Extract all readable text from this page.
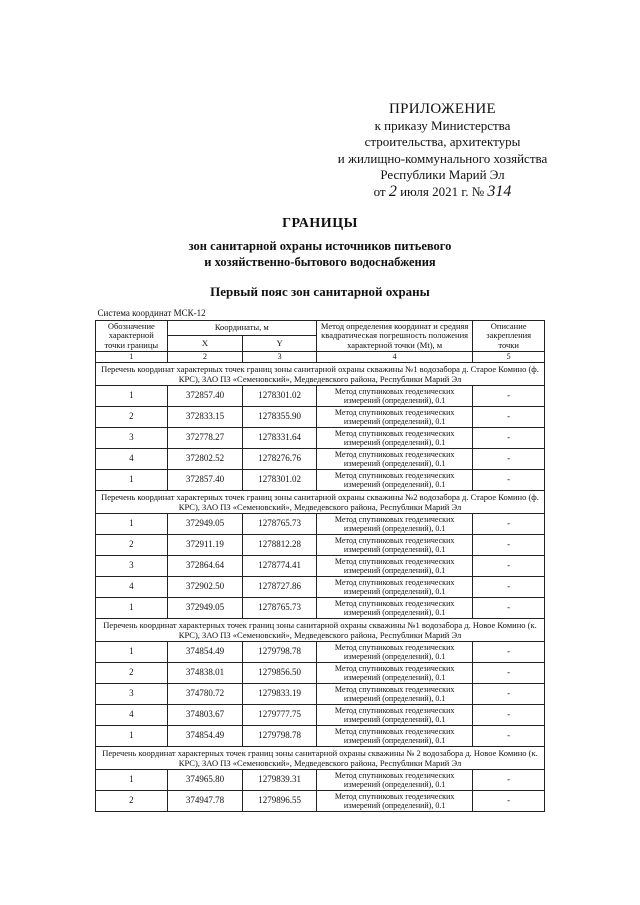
ПРИЛОЖЕНИЕ
к приказу Министерства
строительства, архитектуры
и жилищно-коммунального хозяйства
Республики Марий Эл
от 2 июля 2021 г. № 314
ГРАНИЦЫ
зон санитарной охраны источников питьевого
и хозяйственно-бытового водоснабжения
Первый пояс зон санитарной охраны
Система координат МСК-12				
Обозначение характерной точки границы	Координаты, м		Метод определения координат и средняя квадратическая погрешность положения характерной точки (Mt), м	Описание закрепления точки
	X	Y		
1	2	3	4	5
Перечень координат характерных точек границ зоны санитарной охраны скважины №1 водозабора д. Старое Комино (ф. КРС), ЗАО ПЗ «Семеновский», Медведевского района, Республики Марий Эл				
1	372857.40	1278301.02	Метод спутниковых геодезических измерений (определений), 0.1	-
2	372833.15	1278355.90	Метод спутниковых геодезических измерений (определений), 0.1	-
3	372778.27	1278331.64	Метод спутниковых геодезических измерений (определений), 0.1	-
4	372802.52	1278276.76	Метод спутниковых геодезических измерений (определений), 0.1	-
1	372857.40	1278301.02	Метод спутниковых геодезических измерений (определений), 0.1	-
Перечень координат характерных точек границ зоны санитарной охраны скважины №2 водозабора д. Старое Комино (ф. КРС), ЗАО ПЗ «Семеновский», Медведевского района, Республики Марий Эл				
1	372949.05	1278765.73	Метод спутниковых геодезических измерений (определений), 0.1	-
2	372911.19	1278812.28	Метод спутниковых геодезических измерений (определений), 0.1	-
3	372864.64	1278774.41	Метод спутниковых геодезических измерений (определений), 0.1	-
4	372902.50	1278727.86	Метод спутниковых геодезических измерений (определений), 0.1	-
1	372949.05	1278765.73	Метод спутниковых геодезических измерений (определений), 0.1	-
Перечень координат характерных точек границ зоны санитарной охраны скважины №1 водозабора д. Новое Комино (к. КРС), ЗАО ПЗ «Семеновский», Медведевского района, Республики Марий Эл				
1	374854.49	1279798.78	Метод спутниковых геодезических измерений (определений), 0.1	-
2	374838.01	1279856.50	Метод спутниковых геодезических измерений (определений), 0.1	-
3	374780.72	1279833.19	Метод спутниковых геодезических измерений (определений), 0.1	-
4	374803.67	1279777.75	Метод спутниковых геодезических измерений (определений), 0.1	-
1	374854.49	1279798.78	Метод спутниковых геодезических измерений (определений), 0.1	-
Перечень координат характерных точек границ зоны санитарной охраны скважины № 2 водозабора д. Новое Комино (к. КРС), ЗАО ПЗ «Семеновский», Медведевского района, Республики Марий Эл				
1	374965.80	1279839.31	Метод спутниковых геодезических измерений (определений), 0.1	-
2	374947.78	1279896.55	Метод спутниковых геодезических измерений (определений), 0.1	-
